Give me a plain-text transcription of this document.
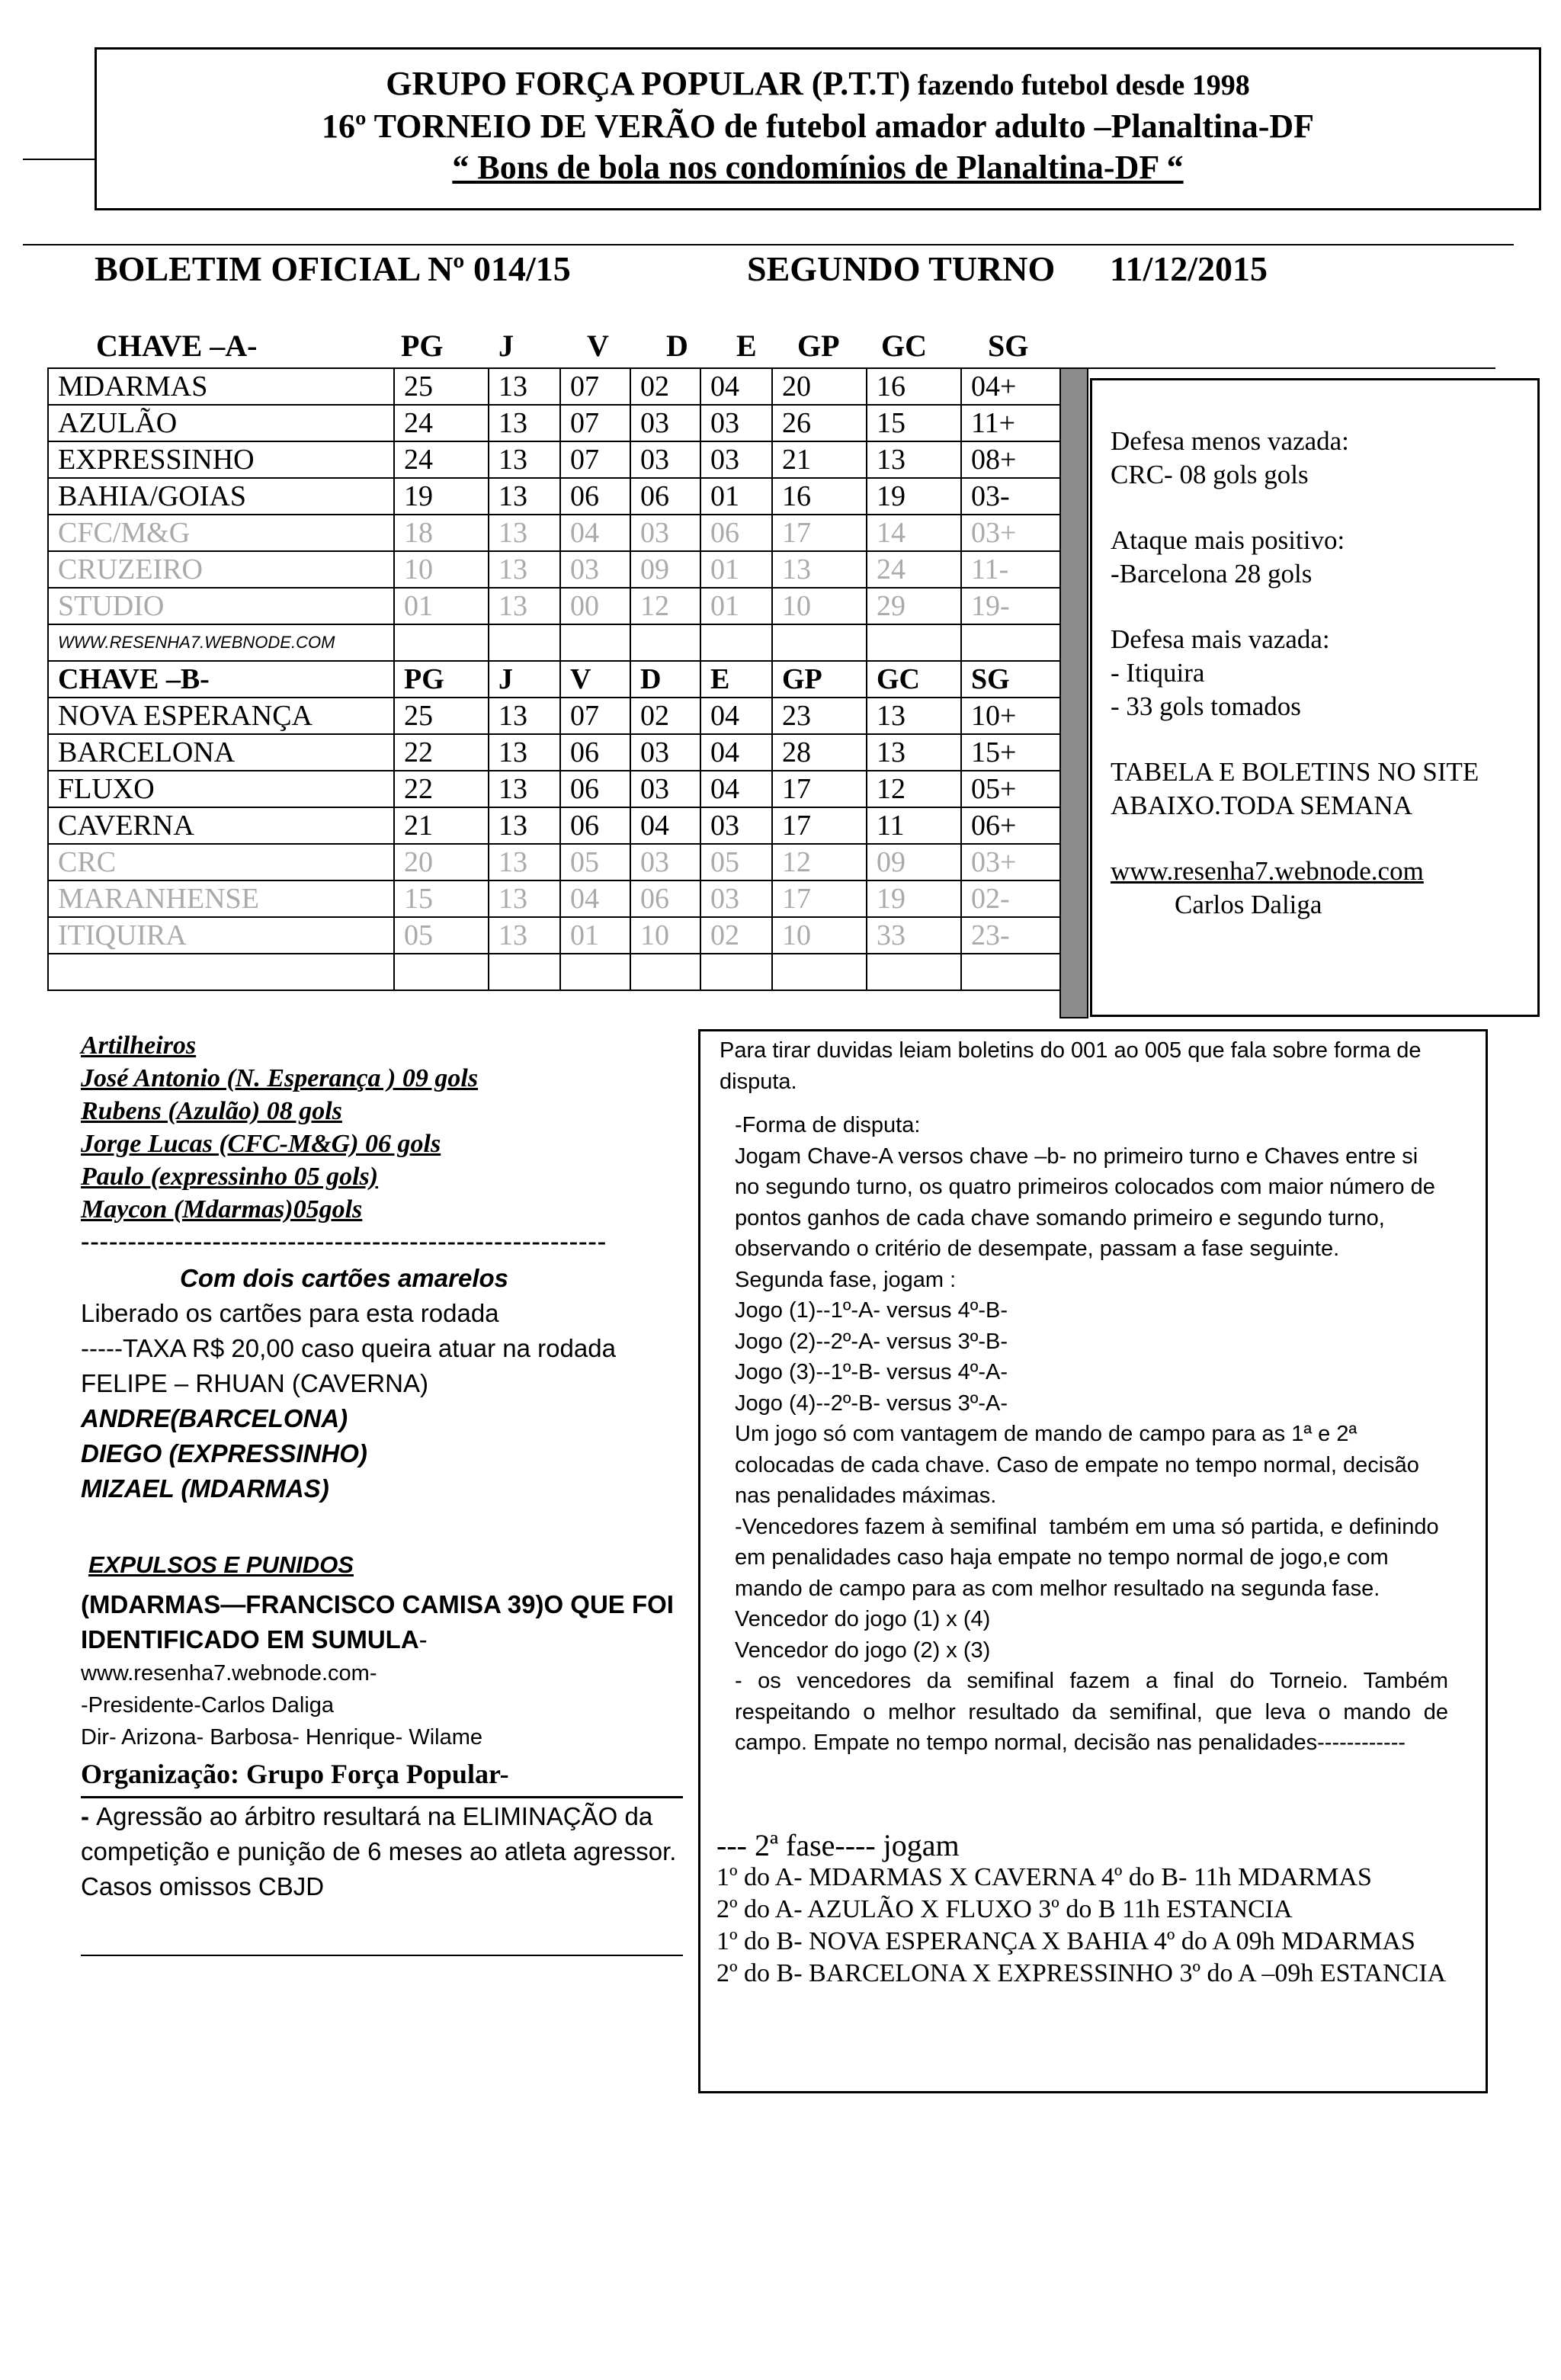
GRUPO FORÇA POPULAR (P.T.T) fazendo futebol desde 1998
16º TORNEIO DE VERÃO de futebol amador adulto –Planaltina-DF
“ Bons de bola nos condomínios de Planaltina-DF “
BOLETIM OFICIAL Nº 014/15	SEGUNDO TURNO 11/12/2015
CHAVE –A-	PG J V D E GP GC SG
MDARMAS	25	13	07	02	04	20	16	04+
AZULÃO	24	13	07	03	03	26	15	11+
EXPRESSINHO	24	13	07	03	03	21	13	08+
BAHIA/GOIAS	19	13	06	06	01	16	19	03-
CFC/M&G	18	13	04	03	06	17	14	03+
CRUZEIRO	10	13	03	09	01	13	24	11-
STUDIO	01	13	00	12	01	10	29	19-
WWW.RESENHA7.WEBNODE.COM								
CHAVE –B-	PG	J	V	D	E	GP	GC	SG
NOVA ESPERANÇA	25	13	07	02	04	23	13	10+
BARCELONA	22	13	06	03	04	28	13	15+
FLUXO	22	13	06	03	04	17	12	05+
CAVERNA	21	13	06	04	03	17	11	06+
CRC	20	13	05	03	05	12	09	03+
MARANHENSE	15	13	04	06	03	17	19	02-
ITIQUIRA	05	13	01	10	02	10	33	23-

Defesa menos vazada:
CRC- 08 gols gols

Ataque mais positivo:
-Barcelona 28 gols

Defesa mais vazada:
- Itiquira
- 33 gols tomados

TABELA E BOLETINS NO SITE
ABAIXO.TODA SEMANA

www.resenha7.webnode.com
Carlos Daliga

Artilheiros
José Antonio (N. Esperança ) 09 gols
Rubens (Azulão) 08 gols
Jorge Lucas (CFC-M&G) 06 gols
Paulo (expressinho 05 gols)
Maycon (Mdarmas)05gols
--------------------------------------------------------
Com dois cartões amarelos
Liberado os cartões para esta rodada
-----TAXA R$ 20,00 caso queira atuar na rodada
FELIPE – RHUAN (CAVERNA)
ANDRE(BARCELONA)
DIEGO (EXPRESSINHO)
MIZAEL (MDARMAS)
EXPULSOS E PUNIDOS
(MDARMAS—FRANCISCO CAMISA 39)O QUE FOI IDENTIFICADO EM SUMULA-
www.resenha7.webnode.com-
-Presidente-Carlos Daliga
Dir- Arizona- Barbosa- Henrique- Wilame
Organização: Grupo Força Popular-
- Agressão ao árbitro resultará na ELIMINAÇÃO da competição e punição de 6 meses ao atleta agressor. Casos omissos CBJD
Para tirar duvidas leiam boletins do 001 ao 005 que fala sobre forma de disputa.
-Forma de disputa:
Jogam Chave-A versos chave –b- no primeiro turno e Chaves entre si no segundo turno, os quatro primeiros colocados com maior número de pontos ganhos de cada chave somando primeiro e segundo turno, observando o critério de desempate, passam a fase seguinte.
Segunda fase, jogam :
Jogo (1)--1º-A- versus 4º-B-
Jogo (2)--2º-A- versus 3º-B-
Jogo (3)--1º-B- versus 4º-A-
Jogo (4)--2º-B- versus 3º-A-
Um jogo só com vantagem de mando de campo para as 1ª e 2ª colocadas de cada chave. Caso de empate no tempo normal, decisão nas penalidades máximas.
-Vencedores fazem à semifinal  também em uma só partida, e definindo em penalidades caso haja empate no tempo normal de jogo,e com mando de campo para as com melhor resultado na segunda fase.
Vencedor do jogo (1) x (4)
Vencedor do jogo (2) x (3)
- os vencedores da semifinal fazem a final do Torneio. Também respeitando o melhor resultado da semifinal, que leva o mando de campo. Empate no tempo normal, decisão nas penalidades------------
--- 2ª fase---- jogam
1º do A- MDARMAS X CAVERNA 4º do B- 11h MDARMAS
2º do A- AZULÃO X FLUXO 3º do B 11h ESTANCIA
1º do B- NOVA ESPERANÇA X BAHIA 4º do A 09h MDARMAS
2º do B- BARCELONA X EXPRESSINHO 3º do A –09h ESTANCIA
